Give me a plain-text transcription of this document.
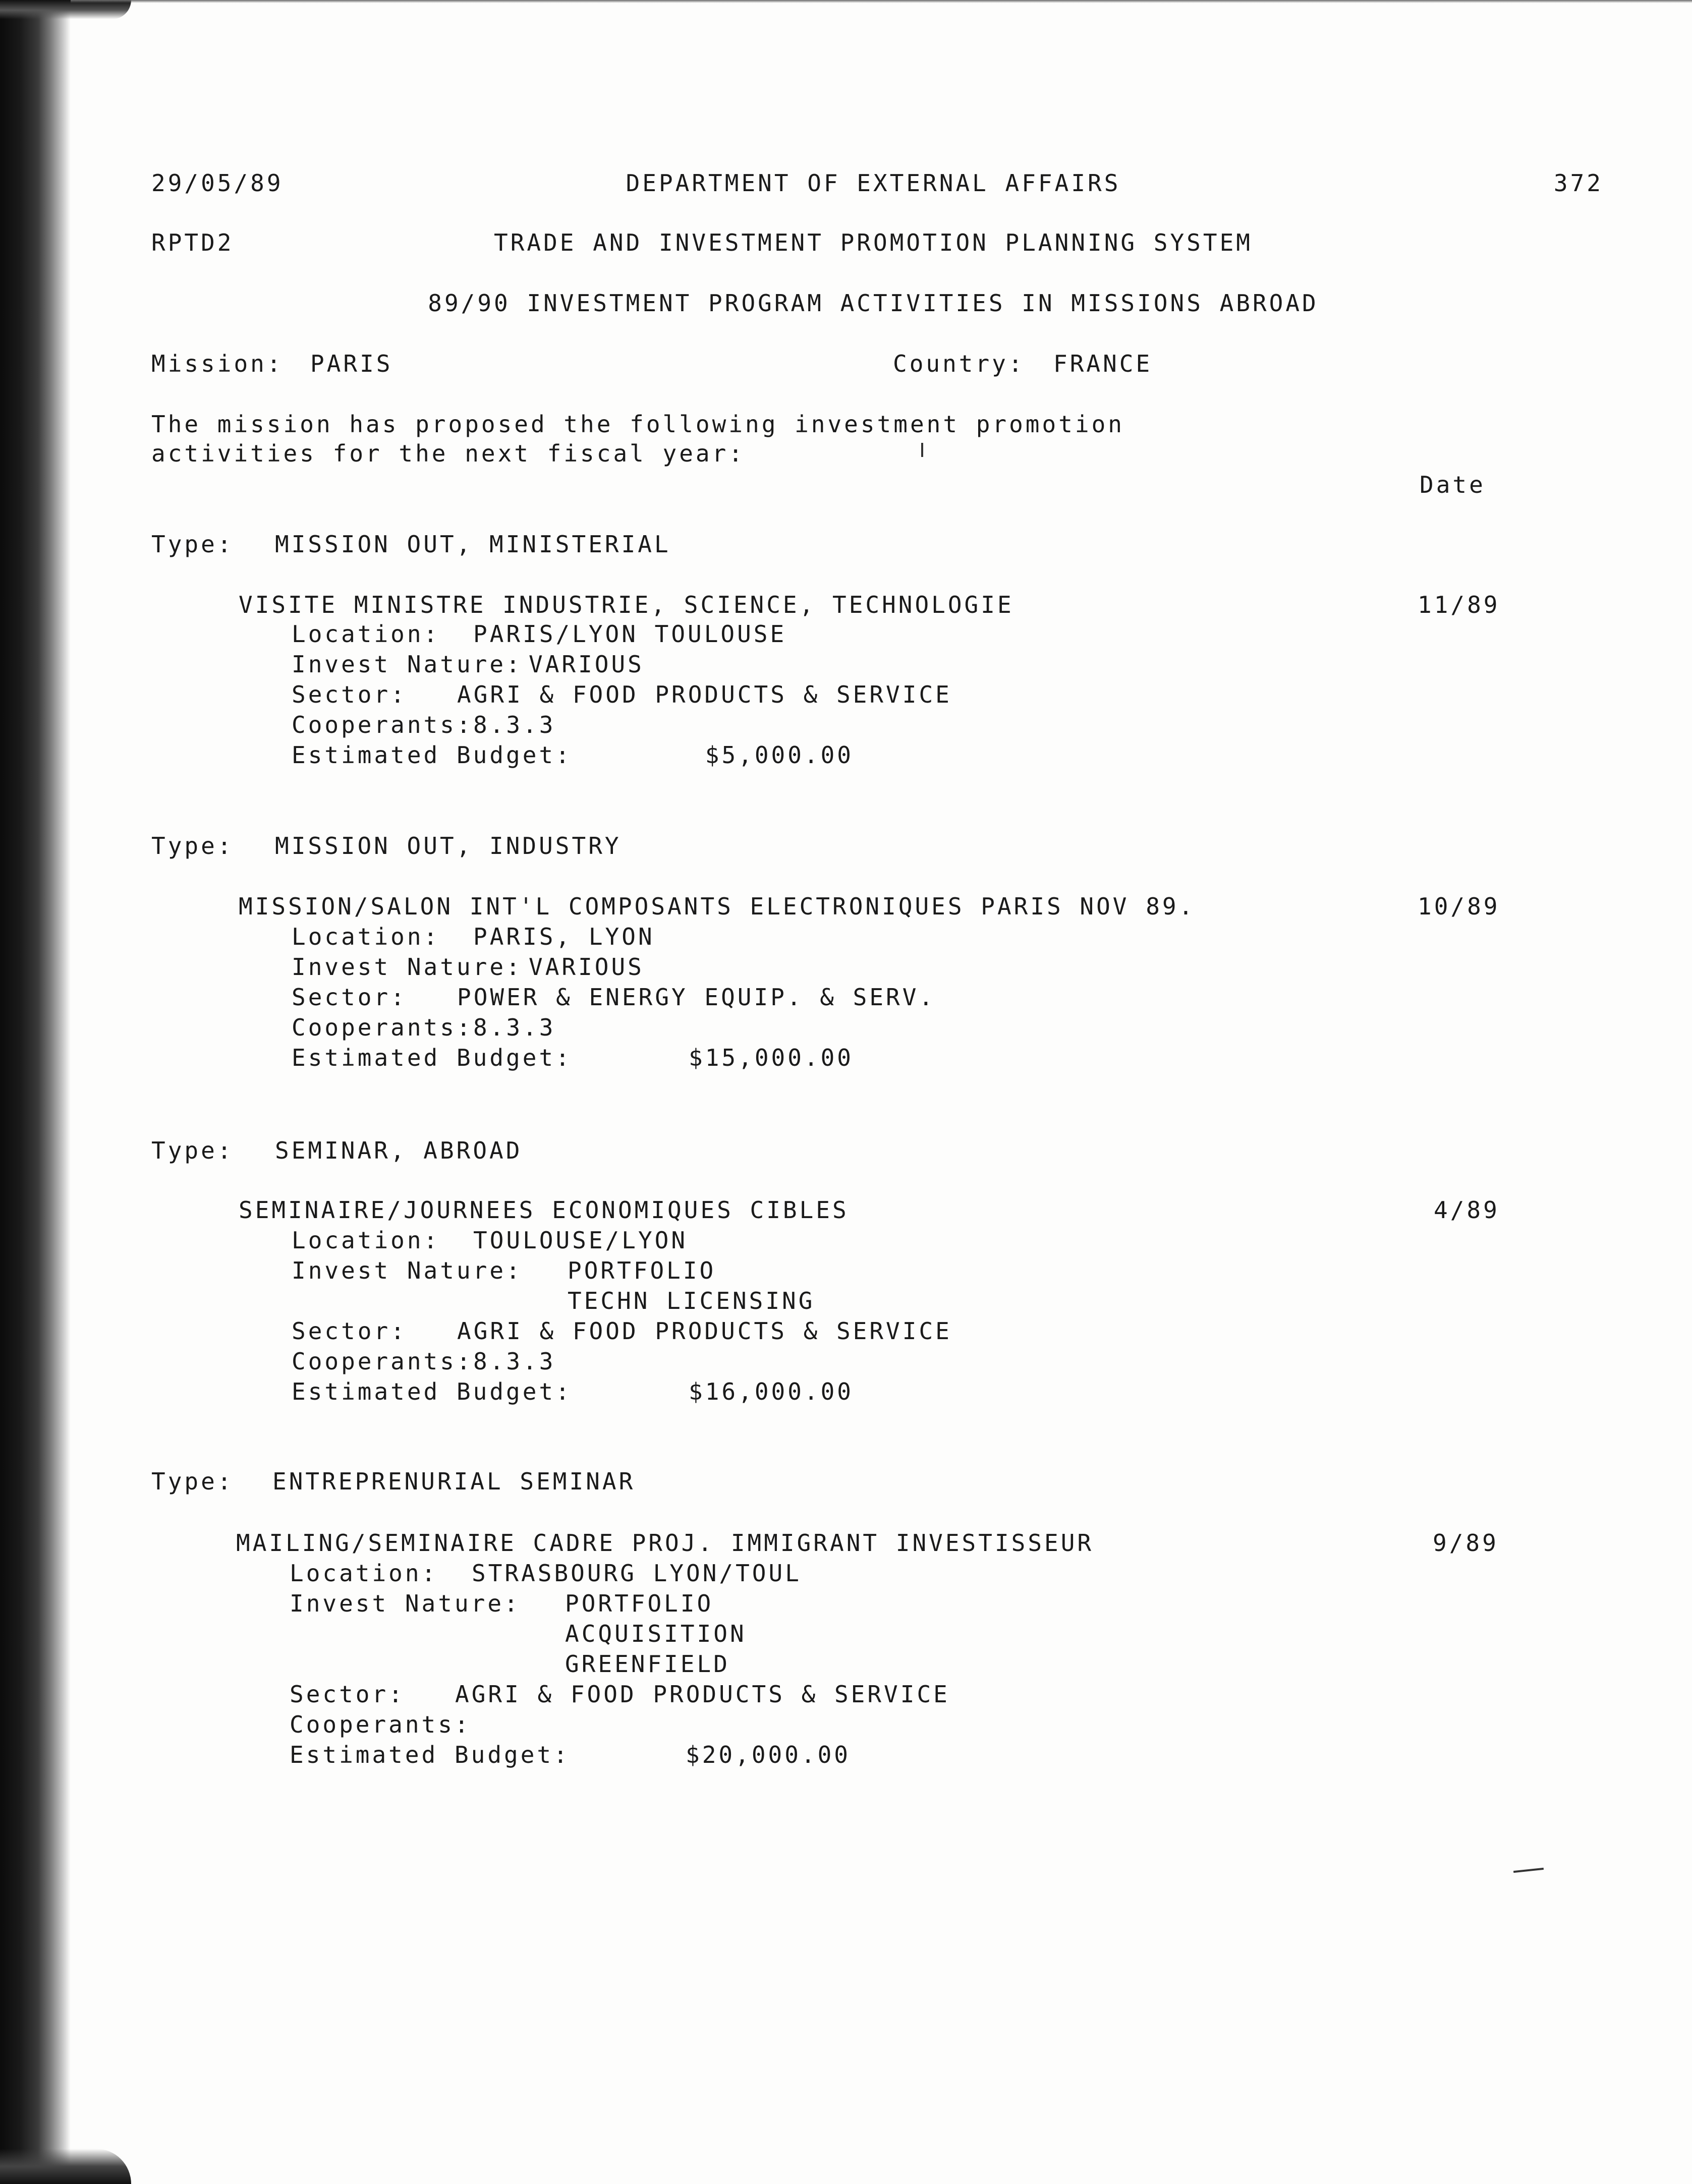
29/05/89	DEPARTMENT OF EXTERNAL AFFAIRS	372
RPTD2	TRADE AND INVESTMENT PROMOTION PLANNING SYSTEM
89/90 INVESTMENT PROGRAM ACTIVITIES IN MISSIONS ABROAD
Mission: PARIS	Country: FRANCE
The mission has proposed the following investment promotion
activities for the next fiscal year:
Date
Type: MISSION OUT, MINISTERIAL
VISITE MINISTRE INDUSTRIE, SCIENCE, TECHNOLOGIE	11/89
Location: PARIS/LYON TOULOUSE
Invest Nature: VARIOUS
Sector: AGRI & FOOD PRODUCTS & SERVICE
Cooperants: 8.3.3
Estimated Budget:	$5,000.00
Type: MISSION OUT, INDUSTRY
MISSION/SALON INT'L COMPOSANTS ELECTRONIQUES PARIS NOV 89.	10/89
Location: PARIS, LYON
Invest Nature: VARIOUS
Sector: POWER & ENERGY EQUIP. & SERV.
Cooperants: 8.3.3
Estimated Budget:	$15,000.00
Type: SEMINAR, ABROAD
SEMINAIRE/JOURNEES ECONOMIQUES CIBLES	4/89
Location: TOULOUSE/LYON
Invest Nature: PORTFOLIO
TECHN LICENSING
Sector: AGRI & FOOD PRODUCTS & SERVICE
Cooperants: 8.3.3
Estimated Budget:	$16,000.00
Type: ENTREPRENURIAL SEMINAR
MAILING/SEMINAIRE CADRE PROJ. IMMIGRANT INVESTISSEUR	9/89
Location: STRASBOURG LYON/TOUL
Invest Nature: PORTFOLIO
ACQUISITION
GREENFIELD
Sector: AGRI & FOOD PRODUCTS & SERVICE
Cooperants:
Estimated Budget:	$20,000.00
